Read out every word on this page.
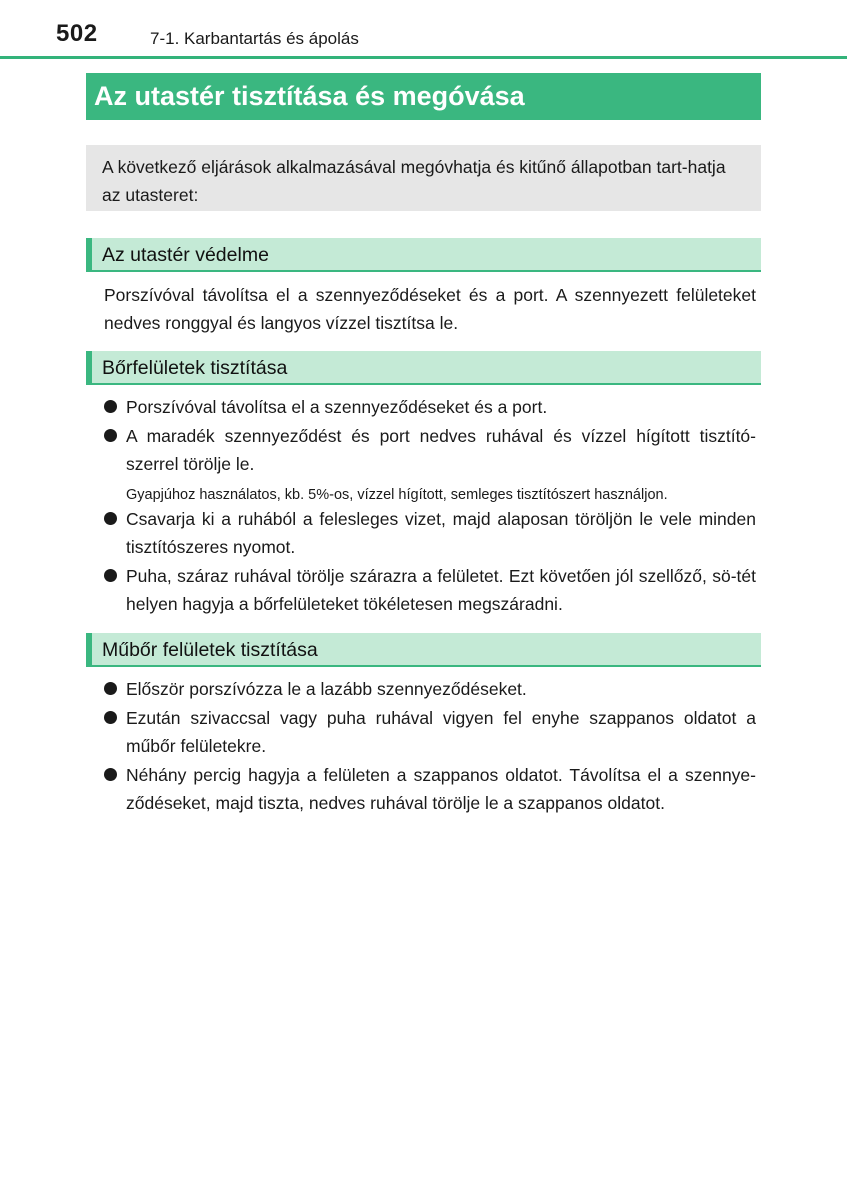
502	7-1. Karbantartás és ápolás
Az utastér tisztítása és megóvása
A következő eljárások alkalmazásával megóvhatja és kitűnő állapotban tart-hatja az utasteret:
Az utastér védelme
Porszívóval távolítsa el a szennyeződéseket és a port. A szennyezett felületeket nedves ronggyal és langyos vízzel tisztítsa le.
Bőrfelületek tisztítása
Porszívóval távolítsa el a szennyeződéseket és a port.
A maradék szennyeződést és port nedves ruhával és vízzel hígított tisztító-szerrel törölje le.
Gyapjúhoz használatos, kb. 5%-os, vízzel hígított, semleges tisztítószert használjon.
Csavarja ki a ruhából a felesleges vizet, majd alaposan töröljön le vele minden tisztítószeres nyomot.
Puha, száraz ruhával törölje szárazra a felületet. Ezt követően jól szellőző, sö-tét helyen hagyja a bőrfelületeket tökéletesen megszáradni.
Műbőr felületek tisztítása
Először porszívózza le a lazább szennyeződéseket.
Ezután szivaccsal vagy puha ruhával vigyen fel enyhe szappanos oldatot a műbőr felületekre.
Néhány percig hagyja a felületen a szappanos oldatot. Távolítsa el a szennye-ződéseket, majd tiszta, nedves ruhával törölje le a szappanos oldatot.
